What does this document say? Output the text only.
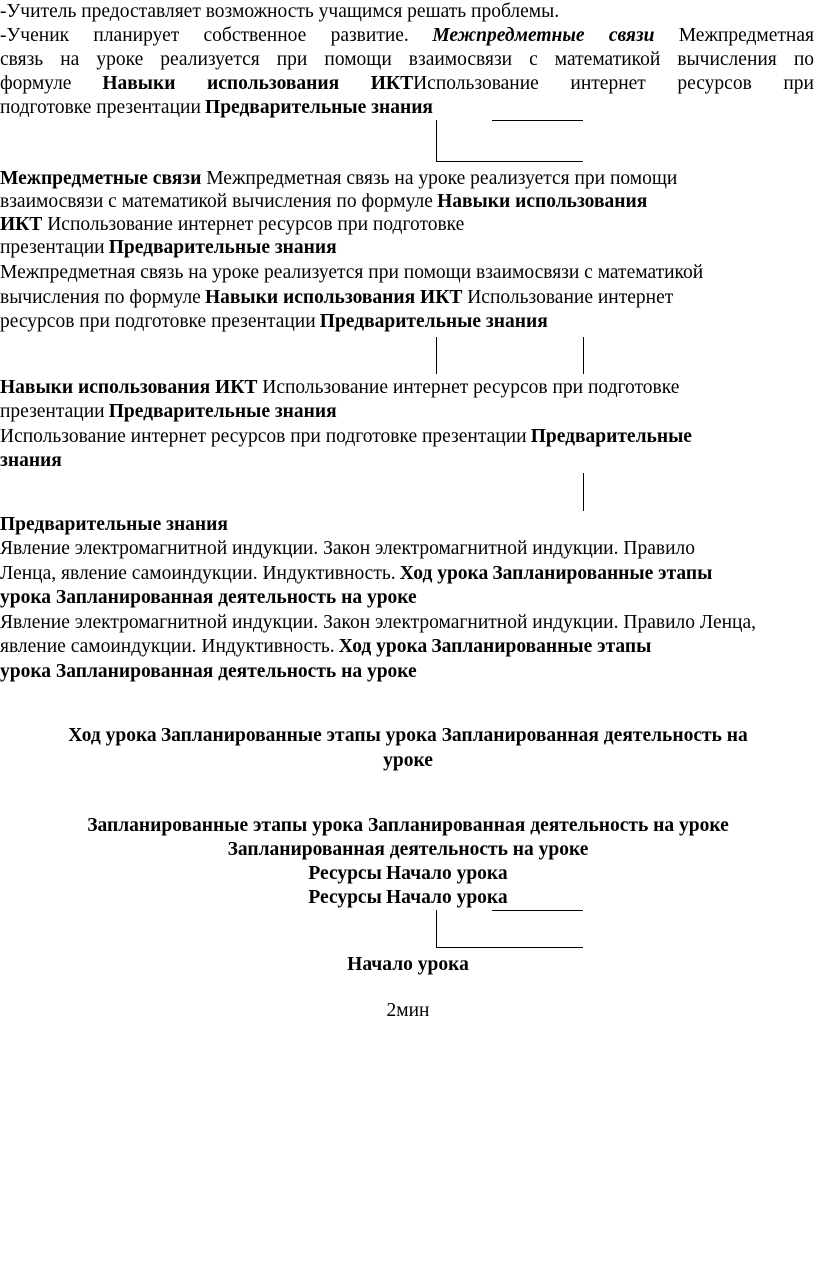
-Учитель предоставляет возможность учащимся решать проблемы.
-Ученик планирует собственное развитие. Межпредметные связи Межпредметная
связь на уроке реализуется при помощи взаимосвязи с математикой вычисления по
формуле Навыки использования ИКТИспользование интернет ресурсов при
подготовке презентации Предварительные знания
Межпредметные связи Межпредметная связь на уроке реализуется при помощи
взаимосвязи с математикой вычисления по формуле Навыки использования
ИКТ Использование интернет ресурсов при подготовке
презентации Предварительные знания
Межпредметная связь на уроке реализуется при помощи взаимосвязи с математикой
вычисления по формуле Навыки использования ИКТ Использование интернет
ресурсов при подготовке презентации Предварительные знания
Навыки использования ИКТ Использование интернет ресурсов при подготовке
презентации Предварительные знания
Использование интернет ресурсов при подготовке презентации Предварительные
знания
Предварительные знания
Явление электромагнитной индукции. Закон электромагнитной индукции. Правило
Ленца, явление самоиндукции. Индуктивность. Ход урока Запланированные этапы
урока Запланированная деятельность на уроке
Явление электромагнитной индукции. Закон электромагнитной индукции. Правило Ленца,
явление самоиндукции. Индуктивность. Ход урока Запланированные этапы
урока Запланированная деятельность на уроке
Ход урока Запланированные этапы урока Запланированная деятельность на
уроке
Запланированные этапы урока Запланированная деятельность на уроке
Запланированная деятельность на уроке
Ресурсы Начало урока
Ресурсы Начало урока
Начало урока
2мин
